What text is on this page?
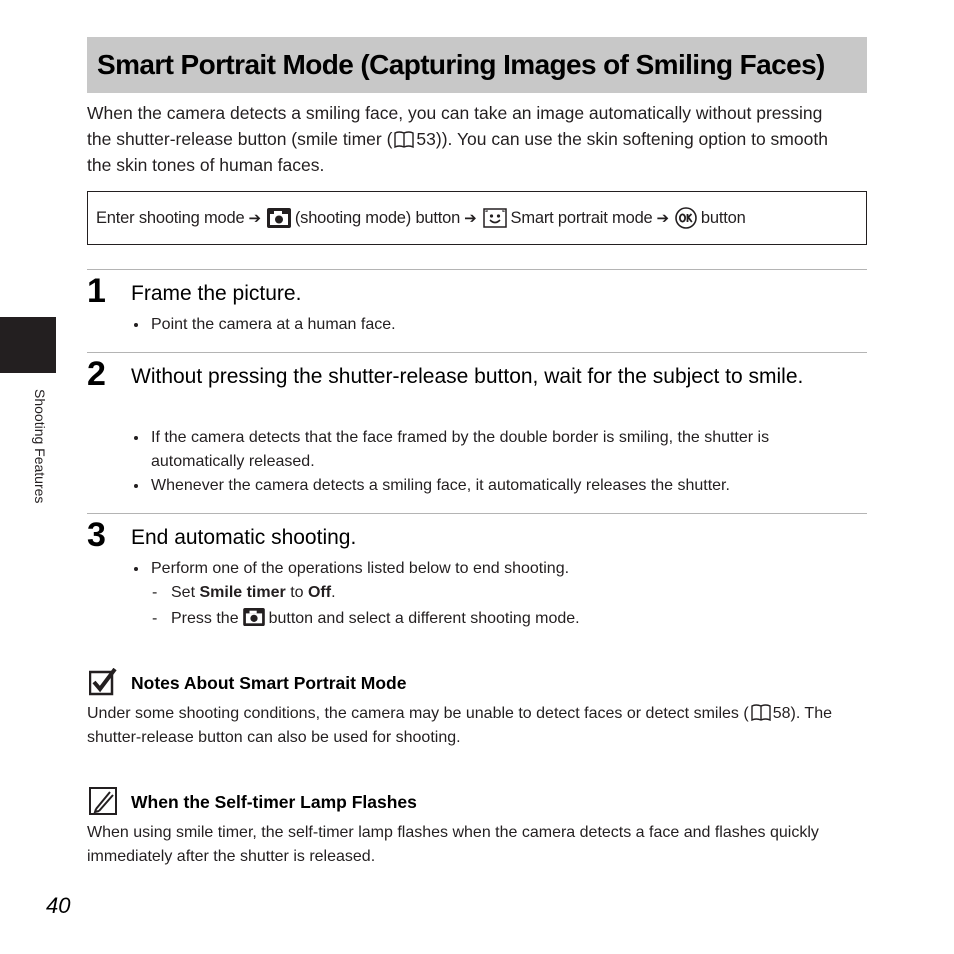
Smart Portrait Mode (Capturing Images of Smiling Faces)

When the camera detects a smiling face, you can take an image automatically without pressing the shutter-release button (smile timer ( 53)). You can use the skin softening option to smooth the skin tones of human faces.

Enter shooting mode ➔ (shooting mode) button ➔ Smart portrait mode ➔ button
1 Frame the picture.

Point the camera at a human face.
2 Without pressing the shutter-release button, wait for the subject to smile.

If the camera detects that the face framed by the double border is smiling, the shutter is automatically released.
Whenever the camera detects a smiling face, it automatically releases the shutter.
3 End automatic shooting.

Perform one of the operations listed below to end shooting.
- Set Smile timer to Off.
- Press the button and select a different shooting mode.

Notes About Smart Portrait Mode

Under some shooting conditions, the camera may be unable to detect faces or detect smiles ( 58). The shutter-release button can also be used for shooting.

When the Self-timer Lamp Flashes

When using smile timer, the self-timer lamp flashes when the camera detects a face and flashes quickly immediately after the shutter is released.

Shooting Features
40
